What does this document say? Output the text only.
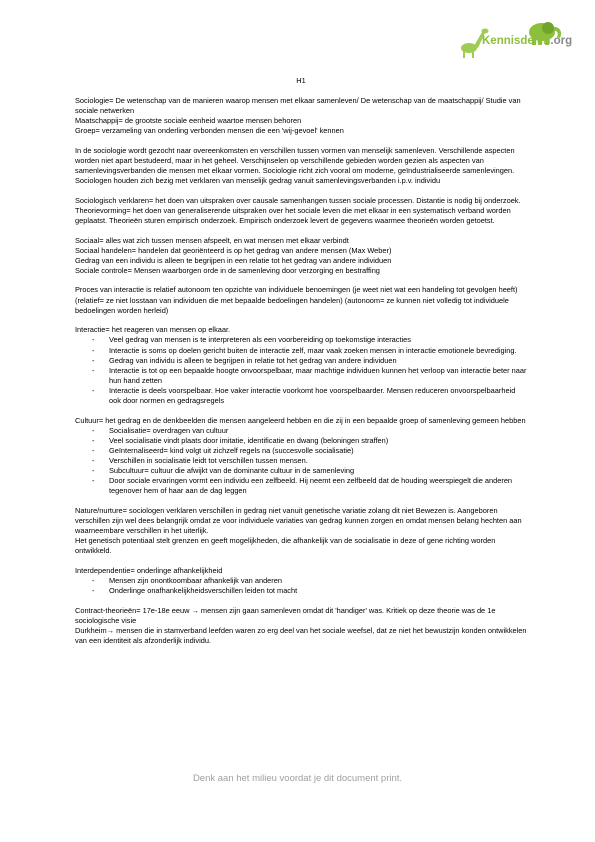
Kennisdelen.org

H1

Sociologie= De wetenschap van de manieren waarop mensen met elkaar samenleven/ De wetenschap van de maatschappij/ Studie van sociale netwerken

Maatschappij= de grootste sociale eenheid waartoe mensen behoren

Groep= verzameling van onderling verbonden mensen die een 'wij-gevoel' kennen

In de sociologie wordt gezocht naar overeenkomsten en verschillen tussen vormen van menselijk samenleven. Verschillende aspecten worden niet apart bestudeerd, maar in het geheel. Verschijnselen op verschillende gebieden worden gezien als aspecten van samenlevingsverbanden die mensen met elkaar vormen. Sociologie richt zich vooral om moderne, geïndustrialiseerde samenlevingen.

Sociologen houden zich bezig met verklaren van menselijk gedrag vanuit samenlevingsverbanden i.p.v. individu

Sociologisch verklaren= het doen van uitspraken over causale samenhangen tussen sociale processen. Distantie is nodig bij onderzoek. Theorievorming= het doen van generaliserende uitspraken over het sociale leven die met elkaar in een systematisch verband worden geplaatst. Theorieën sturen empirisch onderzoek. Empirisch onderzoek levert de gegevens waarmee theorieën worden getoetst.

Sociaal= alles wat zich tussen mensen afspeelt, en wat mensen met elkaar verbindt

Sociaal handelen= handelen dat georiënteerd is op het gedrag van andere mensen (Max Weber)

Gedrag van een individu is alleen te begrijpen in een relatie tot het gedrag van andere individuen

Sociale controle= Mensen waarborgen orde in de samenleving door verzorging en bestraffing

Proces van interactie is relatief autonoom ten opzichte van individuele benoemingen (je weet niet wat een handeling tot gevolgen heeft) (relatief= ze niet losstaan van individuen die met bepaalde bedoelingen handelen) (autonoom= ze kunnen niet volledig tot individuele bedoelingen worden herleid)

Interactie= het reageren van mensen op elkaar.

-	Veel gedrag van mensen is te interpreteren als een voorbereiding op toekomstige interacties
-	Interactie is soms op doelen gericht buiten de interactie zelf, maar vaak zoeken mensen in interactie emotionele bevrediging.
-	Gedrag van individu is alleen te begrijpen in relatie tot het gedrag van andere individuen
-	Interactie is tot op een bepaalde hoogte onvoorspelbaar, maar machtige individuen kunnen het verloop van interactie beter naar hun hand zetten
-	Interactie is deels voorspelbaar. Hoe vaker interactie voorkomt hoe voorspelbaarder. Mensen reduceren onvoorspelbaarheid ook door normen en gedragsregels

Cultuur= het gedrag en de denkbeelden die mensen aangeleerd hebben en die zij in een bepaalde groep of samenleving gemeen hebben

-	Socialisatie= overdragen van cultuur
-	Veel socialisatie vindt plaats door imitatie, identificatie en dwang (beloningen straffen)
-	Geïnternaliseerd= kind volgt uit zichzelf regels na (succesvolle socialisatie)
-	Verschillen in socialisatie leidt tot verschillen tussen mensen.
-	Subcultuur= cultuur die afwijkt van de dominante cultuur in de samenleving
-	Door sociale ervaringen vormt een individu een zelfbeeld. Hij neemt een zelfbeeld dat de houding weerspiegelt die anderen tegenover hem of haar aan de dag leggen

Nature/nurture= sociologen verklaren verschillen in gedrag niet vanuit genetische variatie zolang dit niet Bewezen is. Aangeboren verschillen zijn wel dees belangrijk omdat ze voor individuele variaties van gedrag kunnen zorgen en omdat mensen belang hechten aan waarneembare verschillen in het uiterlijk.

Het genetisch potentiaal stelt grenzen en geeft mogelijkheden, die afhankelijk van de socialisatie in deze of gene richting worden ontwikkeld.

Interdependentie= onderlinge afhankelijkheid

-	Mensen zijn onontkoombaar afhankelijk van anderen
-	Onderlinge onafhankelijkheidsverschillen leiden tot macht

Contract-theorieën= 17e-18e eeuw → mensen zijn gaan samenleven omdat dit 'handiger' was. Kritiek op deze theorie was de 1e sociologische visie

Durkheim→ mensen die in stamverband leefden waren zo erg deel van het sociale weefsel, dat ze niet het bewustzijn konden ontwikkelen van een identiteit als afzonderlijk individu.

Denk aan het milieu voordat je dit document print.
